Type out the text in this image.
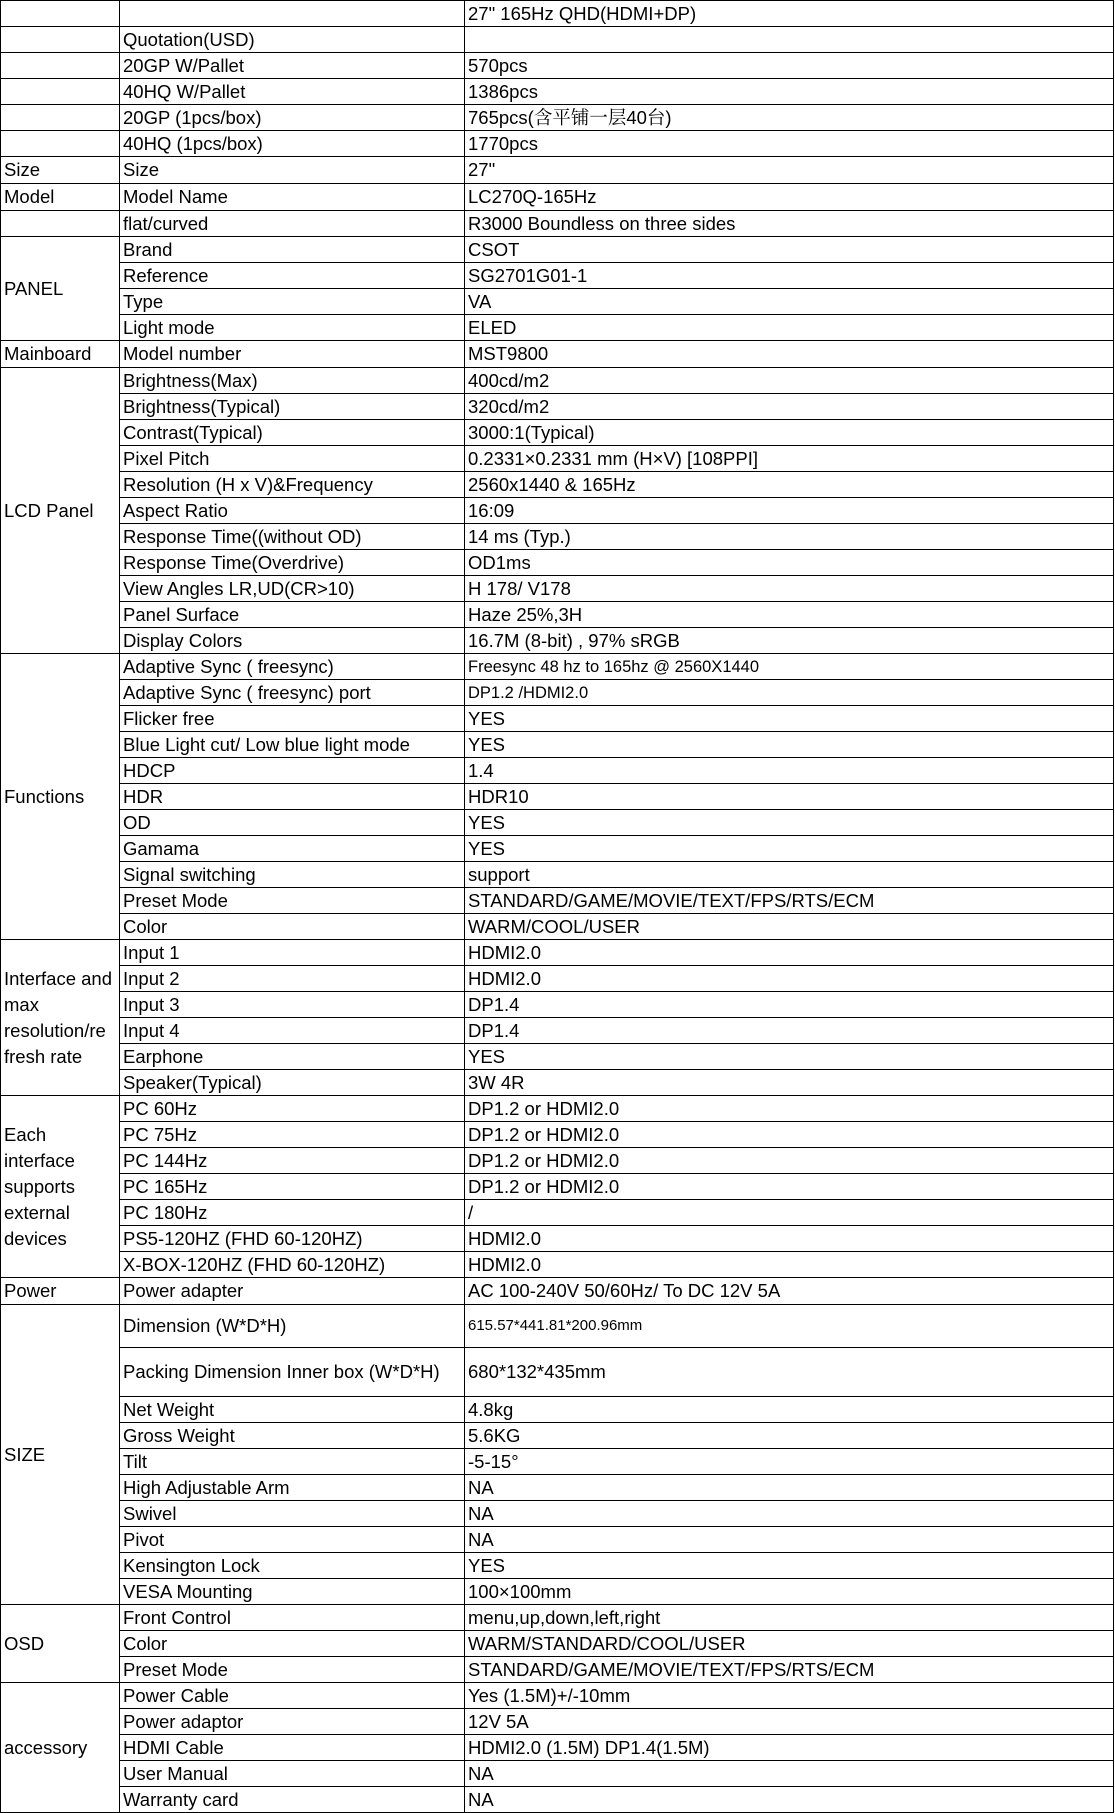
		27" 165Hz QHD(HDMI+DP)
	Quotation(USD)	
	20GP W/Pallet	570pcs
	40HQ W/Pallet	1386pcs
	20GP (1pcs/box)	765pcs(含平铺一层40台)
	40HQ (1pcs/box)	1770pcs
Size	Size	27"
Model	Model Name	LC270Q-165Hz
	flat/curved	R3000 Boundless on three sides
PANEL	Brand	CSOT
	Reference	SG2701G01-1
	Type	VA
	Light mode	ELED
Mainboard	Model number	MST9800
LCD Panel	Brightness(Max)	400cd/m2
	Brightness(Typical)	320cd/m2
	Contrast(Typical)	3000:1(Typical)
	Pixel Pitch	0.2331×0.2331 mm (H×V) [108PPI]
	Resolution (H x V)&Frequency	2560x1440 & 165Hz
	Aspect Ratio	16:09
	Response Time((without OD)	14 ms (Typ.)
	Response Time(Overdrive)	OD1ms
	View Angles LR,UD(CR>10)	H 178/ V178
	Panel Surface	Haze 25%,3H
	Display Colors	16.7M (8-bit) , 97% sRGB
Functions	Adaptive Sync ( freesync)	Freesync 48 hz to 165hz @ 2560X1440
	Adaptive Sync ( freesync) port	DP1.2 /HDMI2.0
	Flicker free	YES
	Blue Light cut/ Low blue light mode	YES
	HDCP	1.4
	HDR	HDR10
	OD	YES
	Gamama	YES
	Signal switching	support
	Preset Mode	STANDARD/GAME/MOVIE/TEXT/FPS/RTS/ECM
	Color	WARM/COOL/USER
Interface and max resolution/re fresh rate	Input 1	HDMI2.0
	Input 2	HDMI2.0
	Input 3	DP1.4
	Input 4	DP1.4
	Earphone	YES
	Speaker(Typical)	3W 4R
Each interface supports external devices	PC 60Hz	DP1.2 or HDMI2.0
	PC 75Hz	DP1.2 or HDMI2.0
	PC 144Hz	DP1.2 or HDMI2.0
	PC 165Hz	DP1.2 or HDMI2.0
	PC 180Hz	/
	PS5-120HZ (FHD 60-120HZ)	HDMI2.0
	X-BOX-120HZ (FHD 60-120HZ)	HDMI2.0
Power	Power adapter	AC 100-240V 50/60Hz/ To DC 12V 5A
SIZE	Dimension (W*D*H)	615.57*441.81*200.96mm
	Packing Dimension Inner box (W*D*H)	680*132*435mm
	Net Weight	4.8kg
	Gross Weight	5.6KG
	Tilt	-5-15°
	High Adjustable Arm	NA
	Swivel	NA
	Pivot	NA
	Kensington Lock	YES
	VESA Mounting	100×100mm
OSD	Front Control	menu,up,down,left,right
	Color	WARM/STANDARD/COOL/USER
	Preset Mode	STANDARD/GAME/MOVIE/TEXT/FPS/RTS/ECM
accessory	Power Cable	Yes (1.5M)+/-10mm
	Power adaptor	12V 5A
	HDMI Cable	HDMI2.0 (1.5M) DP1.4(1.5M)
	User Manual	NA
	Warranty card	NA
